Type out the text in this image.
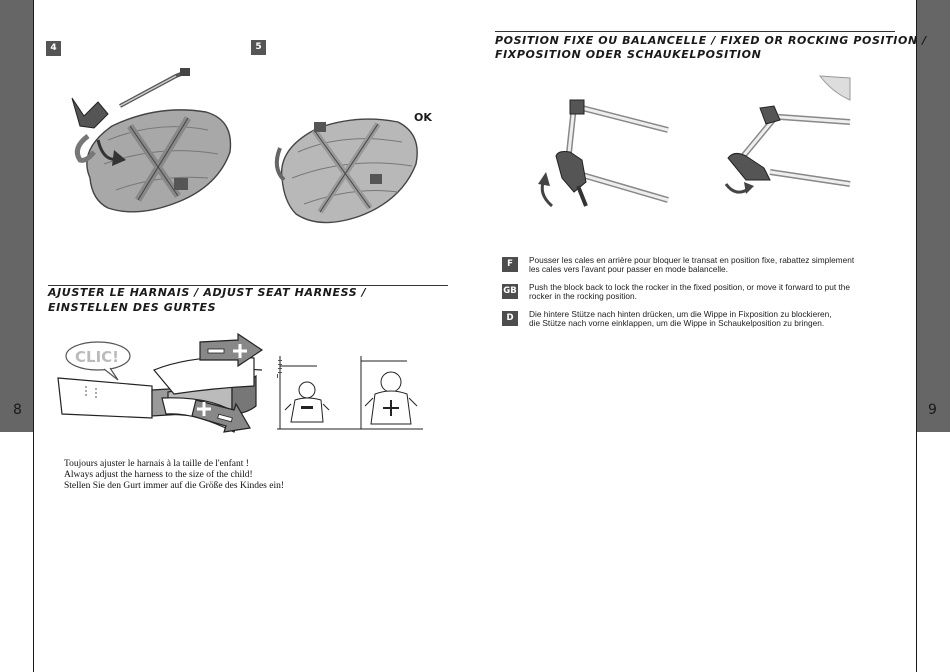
8	9
4	5
OK
AJUSTER LE HARNAIS / ADJUST SEAT HARNESS / EINSTELLEN DES GURTES
CLIC!
Toujours ajuster le harnais à la taille de l'enfant !
Always adjust the harness to the size of the child!
Stellen Sie den Gurt immer auf die Größe des Kindes ein!
POSITION FIXE OU BALANCELLE / FIXED OR ROCKING POSITION /
FIXPOSITION ODER SCHAUKELPOSITION
F	Pousser les cales en arrière pour bloquer le transat en position fixe, rabattez simplement
les cales vers l'avant pour passer en mode balancelle.
GB Push the block back to lock the rocker in the fixed position, or move it forward to put the
rocker in the rocking position.
D	Die hintere Stütze nach hinten drücken, um die Wippe in Fixposition zu blockieren,
die Stütze nach vorne einklappen, um die Wippe in Schaukelposition zu bringen.
